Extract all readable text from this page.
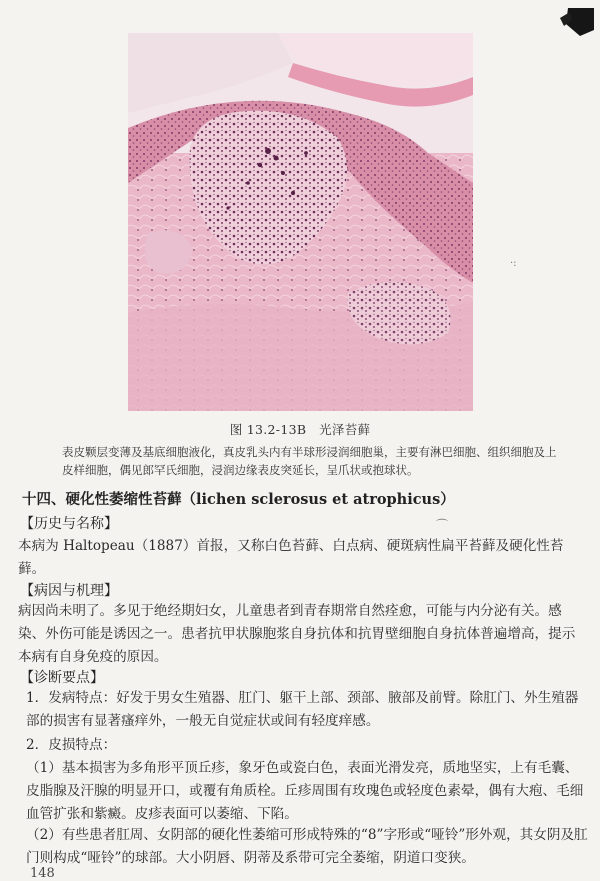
·:
图 13.2-13B　光泽苔藓
表皮颗层变薄及基底细胞液化，真皮乳头内有半球形浸润细胞巢，主要有淋巴细胞、组织细胞及上皮样细胞，偶见郎罕氏细胞，浸润边缘表皮突延长，呈爪状或抱球状。
十四、硬化性萎缩性苔藓（lichen sclerosus et atrophicus）
⌒
【历史与名称】
本病为 Haltopeau（1887）首报，又称白色苔藓、白点病、硬斑病性扁平苔藓及硬化性苔藓。
【病因与机理】
病因尚未明了。多见于绝经期妇女，儿童患者到青春期常自然痊愈，可能与内分泌有关。感染、外伤可能是诱因之一。患者抗甲状腺胞浆自身抗体和抗胃壁细胞自身抗体普遍增高，提示本病有自身免疫的原因。
【诊断要点】
1．发病特点：好发于男女生殖器、肛门、躯干上部、颈部、腋部及前臂。除肛门、外生殖器部的损害有显著瘙痒外，一般无自觉症状或间有轻度痒感。
2．皮损特点：
（1）基本损害为多角形平顶丘疹，象牙色或瓷白色，表面光滑发亮，质地坚实，上有毛囊、皮脂腺及汗腺的明显开口，或覆有角质栓。丘疹周围有玫瑰色或轻度色素晕，偶有大疱、毛细血管扩张和紫癜。皮疹表面可以萎缩、下陷。
（2）有些患者肛周、女阴部的硬化性萎缩可形成特殊的“8”字形或“哑铃”形外观，其女阴及肛门则构成“哑铃”的球部。大小阴唇、阴蒂及系带可完全萎缩，阴道口变狭。
148
